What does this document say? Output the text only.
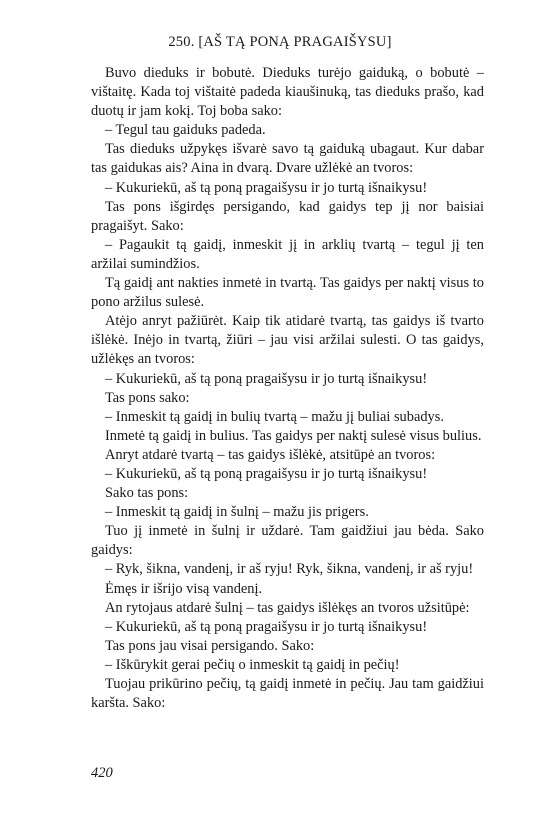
250. [AŠ TĄ PONĄ PRAGAIŠYSU]

Buvo dieduks ir bobutė. Dieduks turėjo gaiduką, o bobutė – vištaitę. Kada toj vištaitė padeda kiaušinuką, tas dieduks prašo, kad duotų ir jam kokį. Toj boba sako:

– Tegul tau gaiduks padeda.

Tas dieduks užpykęs išvarė savo tą gaiduką ubagaut. Kur dabar tas gaidukas ais? Aina in dvarą. Dvare užlėkė an tvoros:

– Kukuriekū, aš tą poną pragaišysu ir jo turtą išnaikysu!

Tas pons išgirdęs persigando, kad gaidys tep jį nor baisiai pragaišyt. Sako:

– Pagaukit tą gaidį, inmeskit jį in arklių tvartą – tegul jį ten aržilai sumindžios.

Tą gaidį ant nakties inmetė in tvartą. Tas gaidys per naktį visus to pono aržilus sulesė.

Atėjo anryt pažiūrėt. Kaip tik atidarė tvartą, tas gaidys iš tvarto išlėkė. Inėjo in tvartą, žiūri – jau visi aržilai sulesti. O tas gaidys, užlėkęs an tvoros:

– Kukuriekū, aš tą poną pragaišysu ir jo turtą išnaikysu!

Tas pons sako:

– Inmeskit tą gaidį in bulių tvartą – mažu jį buliai subadys.

Inmetė tą gaidį in bulius. Tas gaidys per naktį sulesė visus bulius.

Anryt atdarė tvartą – tas gaidys išlėkė, atsitūpė an tvoros:

– Kukuriekū, aš tą poną pragaišysu ir jo turtą išnaikysu!

Sako tas pons:

– Inmeskit tą gaidį in šulnį – mažu jis prigers.

Tuo jį inmetė in šulnį ir uždarė. Tam gaidžiui jau bėda. Sako gaidys:

– Ryk, šikna, vandenį, ir aš ryju! Ryk, šikna, vandenį, ir aš ryju!

Ėmęs ir išrijo visą vandenį.

An rytojaus atdarė šulnį – tas gaidys išlėkęs an tvoros užsitūpė:

– Kukuriekū, aš tą poną pragaišysu ir jo turtą išnaikysu!

Tas pons jau visai persigando. Sako:

– Iškūrykit gerai pečių o inmeskit tą gaidį in pečių!

Tuojau prikūrino pečių, tą gaidį inmetė in pečių. Jau tam gaidžiui karšta. Sako:

420
